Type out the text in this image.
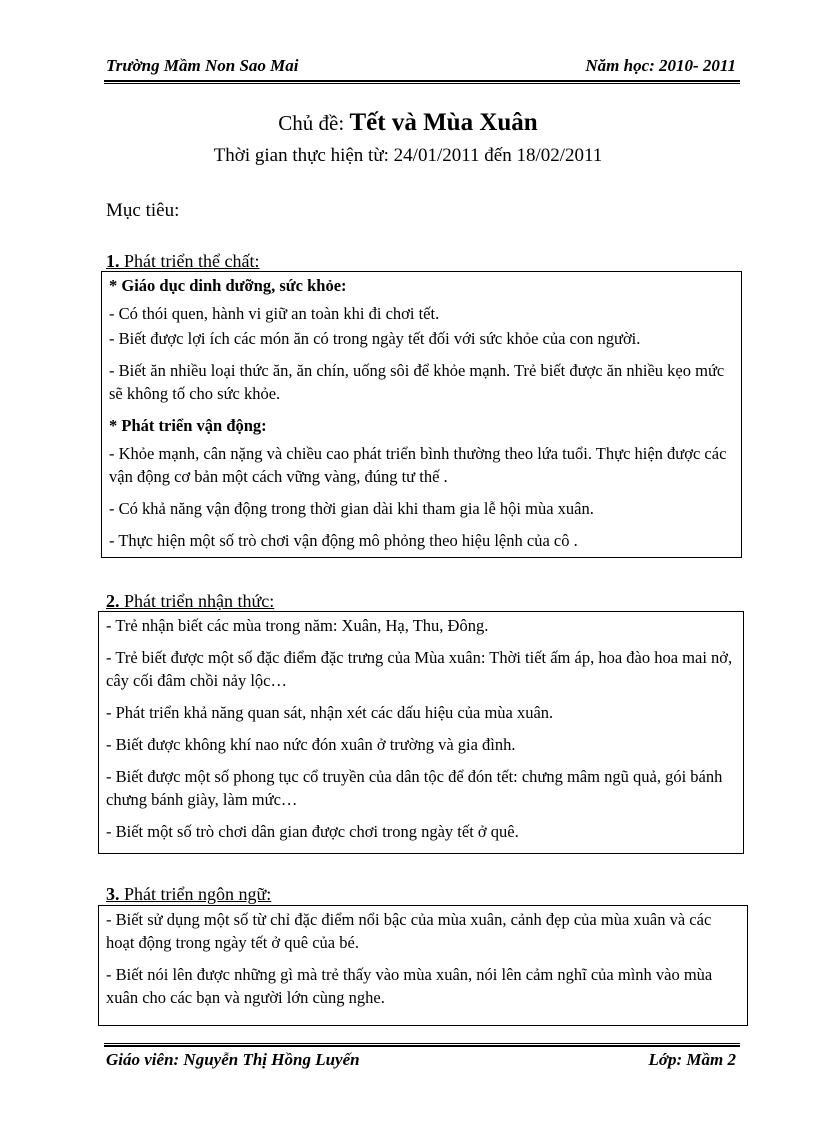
Trường Mầm Non Sao Mai	Năm học: 2010- 2011
Chủ đề: Tết và Mùa Xuân
Thời gian thực hiện từ: 24/01/2011 đến 18/02/2011
Mục tiêu:
1. Phát triển thể chất:

* Giáo dục dinh dưỡng, sức khỏe:

- Có thói quen, hành vi giữ an toàn khi đi chơi tết.

- Biết được lợi ích các món ăn có trong ngày tết đối với sức khỏe của con người.

- Biết ăn nhiều loại thức ăn, ăn chín, uống sôi để khỏe mạnh. Trẻ biết được ăn nhiều kẹo mức sẽ không tố cho sức khỏe.

* Phát triển vận động:

- Khỏe mạnh, cân nặng và chiều cao phát triển bình thường theo lứa tuổi. Thực hiện được các vận động cơ bản một cách vững vàng, đúng tư thế .

- Có khả năng vận động trong thời gian dài khi tham gia lễ hội mùa xuân.

- Thực hiện một số trò chơi vận động mô phỏng theo hiệu lệnh của cô .

2. Phát triển nhận thức:

- Trẻ nhận biết các mùa trong năm: Xuân, Hạ, Thu, Đông.

- Trẻ biết được một số đặc điểm đặc trưng của Mùa xuân: Thời tiết ấm áp, hoa đào hoa mai nở, cây cối đâm chồi nảy lộc…

- Phát triển khả năng quan sát, nhận xét các dấu hiệu của mùa xuân.

- Biết được không khí nao nức đón xuân ở trường và gia đình.

- Biết được một số phong tục cổ truyền của dân tộc để đón tết: chưng mâm ngũ quả, gói bánh chưng bánh giày, làm mức…

- Biết một số trò chơi dân gian được chơi trong ngày tết ở quê.

3. Phát triển ngôn ngữ:

- Biết sử dụng một số từ chỉ đặc điểm nổi bậc của mùa xuân, cảnh đẹp của mùa xuân và các hoạt động trong ngày tết ở quê của bé.

- Biết nói lên được những gì mà trẻ thấy vào mùa xuân, nói lên cảm nghĩ của mình vào mùa xuân cho các bạn và người lớn cùng nghe.

Giáo viên: Nguyễn Thị Hồng Luyến	Lớp: Mầm 2
